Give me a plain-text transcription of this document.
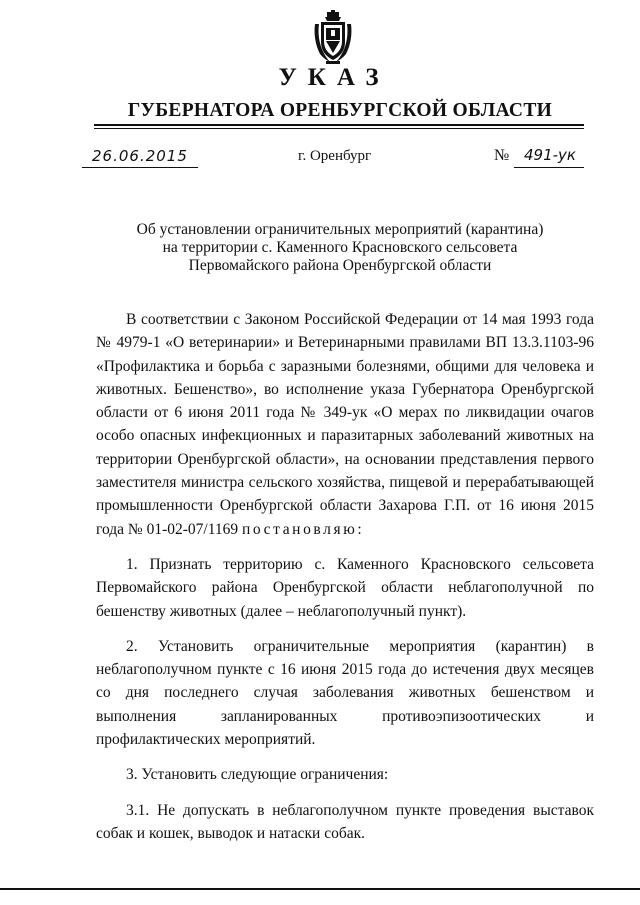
УКАЗ
ГУБЕРНАТОРА ОРЕНБУРГСКОЙ ОБЛАСТИ
26.06.2015	г. Оренбург	№ 491-ук
Об установлении ограничительных мероприятий (карантина)
на территории с. Каменного Красновского сельсовета
Первомайского района Оренбургской области

В соответствии с Законом Российской Федерации от 14 мая 1993 года № 4979-1 «О ветеринарии» и Ветеринарными правилами ВП 13.3.1103-96 «Профилактика и борьба с заразными болезнями, общими для человека и животных. Бешенство», во исполнение указа Губернатора Оренбургской области от 6 июня 2011 года № 349-ук «О мерах по ликвидации очагов особо опасных инфекционных и паразитарных заболеваний животных на территории Оренбургской области», на основании представления первого заместителя министра сельского хозяйства, пищевой и перерабатывающей промышленности Оренбургской области Захарова Г.П. от 16 июня 2015 года № 01-02-07/1169 постановляю:

1. Признать территорию с. Каменного Красновского сельсовета Первомайского района Оренбургской области неблагополучной по бешенству животных (далее – неблагополучный пункт).

2. Установить ограничительные мероприятия (карантин) в неблагополучном пункте с 16 июня 2015 года до истечения двух месяцев со дня последнего случая заболевания животных бешенством и выполнения запланированных противоэпизоотических и профилактических мероприятий.

3. Установить следующие ограничения:

3.1. Не допускать в неблагополучном пункте проведения выставок собак и кошек, выводок и натаски собак.
